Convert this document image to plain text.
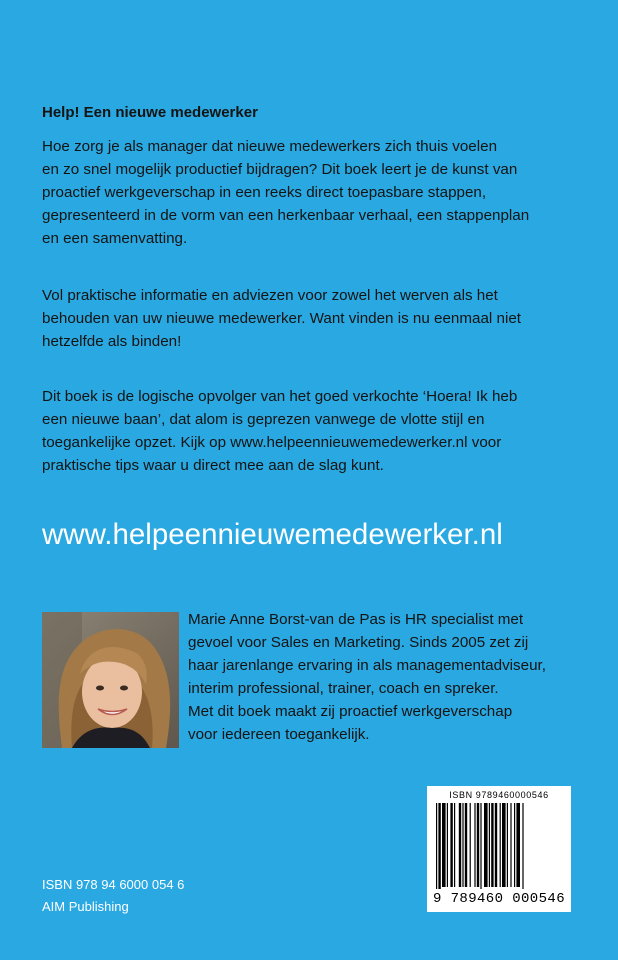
Help! Een nieuwe medewerker

Hoe zorg je als manager dat nieuwe medewerkers zich thuis voelen
en zo snel mogelijk productief bijdragen? Dit boek leert je de kunst van
proactief werkgeverschap in een reeks direct toepasbare stappen,
gepresenteerd in de vorm van een herkenbaar verhaal, een stappenplan
en een samenvatting.

Vol praktische informatie en adviezen voor zowel het werven als het
behouden van uw nieuwe medewerker. Want vinden is nu eenmaal niet
hetzelfde als binden!

Dit boek is de logische opvolger van het goed verkochte ‘Hoera! Ik heb
een nieuwe baan’, dat alom is geprezen vanwege de vlotte stijl en
toegankelijke opzet. Kijk op www.helpeennieuwemedewerker.nl voor
praktische tips waar u direct mee aan de slag kunt.

www.helpeennieuwemedewerker.nl

Marie Anne Borst-van de Pas is HR specialist met
gevoel voor Sales en Marketing. Sinds 2005 zet zij
haar jarenlange ervaring in als managementadviseur,
interim professional, trainer, coach en spreker.
Met dit boek maakt zij proactief werkgeverschap
voor iedereen toegankelijk.

ISBN 9789460000546
9 789460 000546

ISBN 978 94 6000 054 6
AIM Publishing
